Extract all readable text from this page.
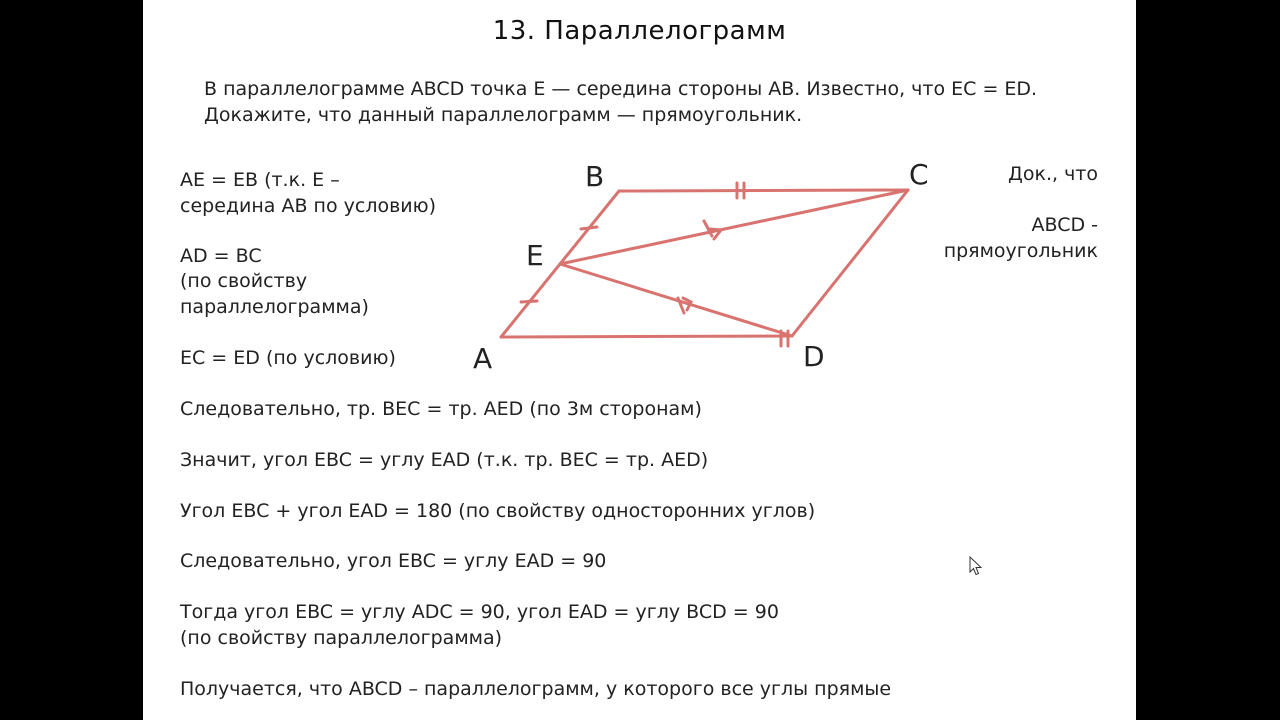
13. Параллелограмм
В параллелограмме ABCD точка E — середина стороны AB. Известно, что EC = ED.
Докажите, что данный параллелограмм — прямоугольник.
AE = EB (т.к. E –
середина AB по условию)
AD = BC
(по свойству
параллелограмма)
EC = ED (по условию)
Следовательно, тр. BEC = тр. AED (по 3м сторонам)
Значит, угол EBC = углу EAD (т.к. тр. BEC = тр. AED)
Угол EBC + угол EAD = 180 (по свойству односторонних углов)
Следовательно, угол EBC = углу EAD = 90
Тогда угол EBC = углу ADC = 90, угол EAD = углу BCD = 90
(по свойству параллелограмма)
Получается, что ABCD – параллелограмм, у которого все углы прямые
Док., что
ABCD -
прямоугольник
A
B	C
D
E
